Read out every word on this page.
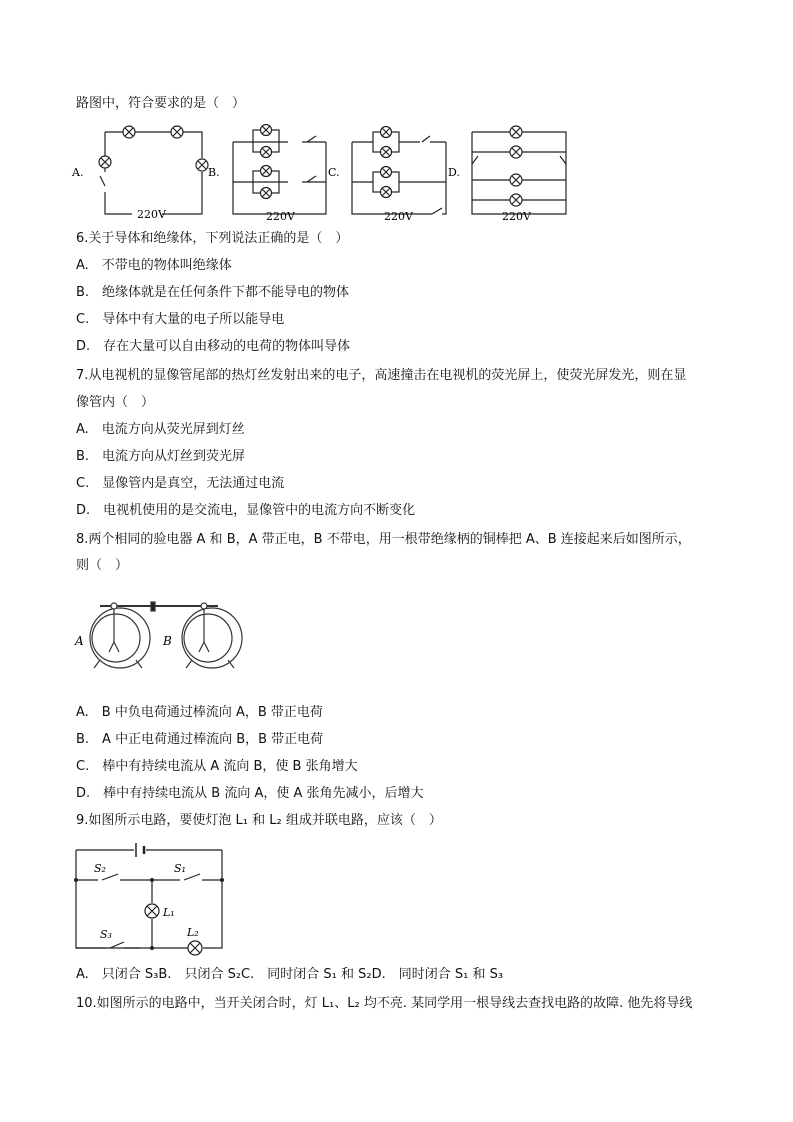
路图中，符合要求的是（　）
A.	B.	C.	D.
220V	220V	220V	220V
6.关于导体和绝缘体，下列说法正确的是（　）
A.　不带电的物体叫绝缘体
B.　绝缘体就是在任何条件下都不能导电的物体
C.　导体中有大量的电子所以能导电
D.　存在大量可以自由移动的电荷的物体叫导体
7.从电视机的显像管尾部的热灯丝发射出来的电子，高速撞击在电视机的荧光屏上，使荧光屏发光，则在显
像管内（　）
A.　电流方向从荧光屏到灯丝
B.　电流方向从灯丝到荧光屏
C.　显像管内是真空，无法通过电流
D.　电视机使用的是交流电，显像管中的电流方向不断变化
8.两个相同的验电器 A 和 B，A 带正电，B 不带电，用一根带绝缘柄的铜棒把 A、B 连接起来后如图所示，
则（　）
A	B
A.　B 中负电荷通过棒流向 A，B 带正电荷
B.　A 中正电荷通过棒流向 B，B 带正电荷
C.　棒中有持续电流从 A 流向 B，使 B 张角增大
D.　棒中有持续电流从 B 流向 A，使 A 张角先减小，后增大
9.如图所示电路，要使灯泡 L₁ 和 L₂ 组成并联电路，应该（　）
S₂	S₁
L₁
S₃	L₂
A.　只闭合 S₃B.　只闭合 S₂C.　同时闭合 S₁ 和 S₂D.　同时闭合 S₁ 和 S₃
10.如图所示的电路中，当开关闭合时，灯 L₁、L₂ 均不亮. 某同学用一根导线去查找电路的故障. 他先将导线
